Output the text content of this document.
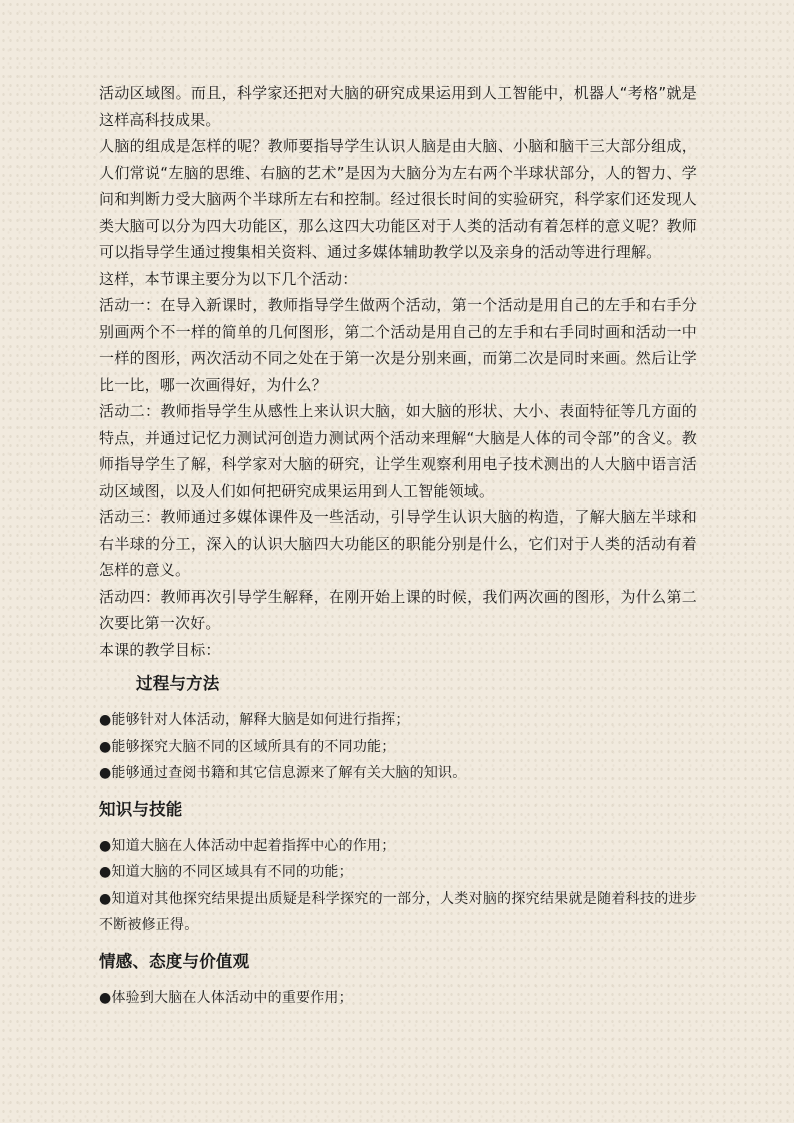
活动区域图。而且，科学家还把对大脑的研究成果运用到人工智能中，机器人“考格”就是这样高科技成果。

人脑的组成是怎样的呢？教师要指导学生认识人脑是由大脑、小脑和脑干三大部分组成，人们常说“左脑的思维、右脑的艺术”是因为大脑分为左右两个半球状部分，人的智力、学问和判断力受大脑两个半球所左右和控制。经过很长时间的实验研究，科学家们还发现人类大脑可以分为四大功能区，那么这四大功能区对于人类的活动有着怎样的意义呢？教师可以指导学生通过搜集相关资料、通过多媒体辅助教学以及亲身的活动等进行理解。

这样，本节课主要分为以下几个活动：

活动一：在导入新课时，教师指导学生做两个活动，第一个活动是用自己的左手和右手分别画两个不一样的简单的几何图形，第二个活动是用自己的左手和右手同时画和活动一中一样的图形，两次活动不同之处在于第一次是分别来画，而第二次是同时来画。然后让学比一比，哪一次画得好，为什么？

活动二：教师指导学生从感性上来认识大脑，如大脑的形状、大小、表面特征等几方面的特点，并通过记忆力测试河创造力测试两个活动来理解“大脑是人体的司令部”的含义。教师指导学生了解，科学家对大脑的研究，让学生观察利用电子技术测出的人大脑中语言活动区域图，以及人们如何把研究成果运用到人工智能领域。

活动三：教师通过多媒体课件及一些活动，引导学生认识大脑的构造，了解大脑左半球和右半球的分工，深入的认识大脑四大功能区的职能分别是什么，它们对于人类的活动有着怎样的意义。

活动四：教师再次引导学生解释，在刚开始上课的时候，我们两次画的图形，为什么第二次要比第一次好。

本课的教学目标：

过程与方法
●能够针对人体活动，解释大脑是如何进行指挥；
●能够探究大脑不同的区域所具有的不同功能；
●能够通过查阅书籍和其它信息源来了解有关大脑的知识。
知识与技能
●知道大脑在人体活动中起着指挥中心的作用；
●知道大脑的不同区域具有不同的功能；
●知道对其他探究结果提出质疑是科学探究的一部分，人类对脑的探究结果就是随着科技的进步不断被修正得。
情感、态度与价值观
●体验到大脑在人体活动中的重要作用；
